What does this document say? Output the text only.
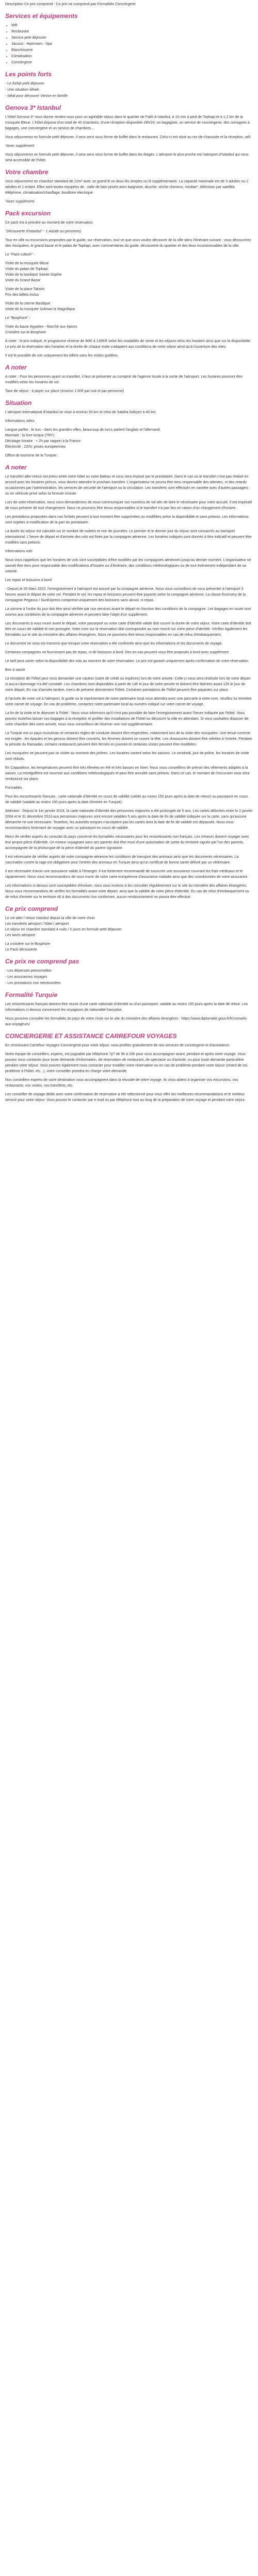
Description Ce prix comprend - Ce prix ne comprend pas Formalités Conciergerie

Services et équipements
• Wifi
• Restaurant
• Service petit déjeuner
• Jacuzzi - Hammam - Spa
• Blanchisserie
• Climatisation
• Conciergerie
Les points forts
- Le forfait petit déjeuner
- Une situation idéale
- Idéal pour découvrir Venise en famille
Genova 3* Istanbul

L'hôtel Genova 3* vous donne rendez-vous pour un agréable séjour dans le quartier de Fatih à Istanbul, à 10 min à pied de Topkapi et à 1,2 km de la mosquée Bleue. L'hôtel dispose d'un total de 40 chambres, d'une réception disponible 24h/24, un bagagiste, un service de conciergerie, des consignes à bagages, une conciergerie et un service de chambres...

Vous séjournerez en formule petit déjeuner, il sera servi sous forme de buffet dans le restaurant. Celui-ci est situé au rez-de-chaussée et la réception, wifi.

*Avec supplément

Vous séjournerez en formule petit déjeuner, il sera servi sous forme de buffet dans les étages. L'aéroport le plus proche est l'aéroport d'Istanbul qui vous sera accessible de l'hôtel.

Votre chambre

Vous séjournerez en chambre standard de 22m² avec un grand lit ou deux lits simples ou lit supplémentaire. La capacité maximale est de 3 adultes ou 2 adultes et 1 enfant. Elles sont toutes équipées de : salle de bain privée avec baignoire, douche, sèche-cheveux, minibar*, télévision par satellite, téléphone, climatisation/chauffage, bouilloire électrique.

*Avec supplément

Pack excursion

Ce pack est à prendre au moment de votre réservation.

"Découverte d'Istanbul" - 1 Adulte ou personne)

Tour en ville ou excursions proposées par le guide, sur réservation, tout ce que vous voulez découvrir de la ville dans l'itinéraire suivant : vous découvrirez des mosquées, le grand bazar et le palais de Topkapi, avec commentaires du guide, découverte du quartier et des lieux incontournables de la ville.

Le "Pack culture" :

Visite de la mosquée Bleue
Visite du palais de Topkapi
Visite de la basilique Sainte-Sophie
Visite du Grand Bazar

Visite de la place Taksim
Prix des billets inclus

Visite de la citerne Basilique
Visite de la mosquée Soliman le Magnifique

Le "Bosphore" :

Visite du bazar égyptien - Marché aux épices
Croisière sur le Bosphore

A noter : le prix indiqué, le programme réserve de 90€/ à 130€/€ selon les modalités de vente et les séjours et/ou les horaires ainsi que sur la disponibilité. Le prix de la réservation des horaires et la durée de chaque visite s'adaptent aux conditions de votre séjour ainsi qu'à l'ouverture des sites.

Il est le possible de voir uniquement les billets sans les visites guidées.

A noter

A noter : Pour les personnes ayant un transfert, il faut se présenter au comptoir de l'agence locale à la sortie de l'aéroport. Les horaires pourront être modifiés selon les horaires de vol.

Taxe de séjour : à payer sur place (environ 1.50€ par nuit et par personne)

Situation

L'aéroport international d'Istanbul se situe à environ 50 km et celui de Sabiha Gökçen à 40 km.

Informations utiles

Langue parlée : le turc - dans les grandes villes, beaucoup de turcs parlent l'anglais et l'allemand.
Monnaie : la livre turque (TRY)
Décalage horaire : + 2h par rapport à la France
Électricité : 220V, prises européennes

Office de tourisme de la Turquie :

A noter

Le transfert aller-retour est prévu entre votre hôtel ou votre bateau et vous sera imposé par le prestataire. Dans le cas où le transfert n'est pas réalisé en accord avec les horaires prévus, vous devrez attendre le prochain transfert. L'organisateur ne pourra être tenu responsable des attentes, ni des retards occasionnés par l'administration, les services de sécurité de l'aéroport ou la circulation. Les transferts sont effectués en navette avec d'autres passagers ou en véhicule privé selon la formule choisie.

Lors de votre réservation, nous vous demanderons de nous communiquer vos numéros de vol afin de faire le nécessaire pour votre accueil. Il est impératif de nous prévenir de tout changement. Nous ne pourrons être tenus responsables si le transfert n'a pas lieu en raison d'un changement d'horaire.

Les prestations proposées dans nos forfaits peuvent à tout moment être supprimées ou modifiées selon la disponibilité et sans préavis. Les informations sont sujettes à modification de la part du prestataire.

La durée du séjour est calculée sur le nombre de nuitées et non de journées. Le premier et le dernier jour du séjour sont consacrés au transport international. L'heure de départ et d'arrivée des vols est fixée par la compagnie aérienne. Les horaires indiqués sont donnés à titre indicatif et peuvent être modifiés sans préavis.

Informations vols

Nous vous rappelons que les horaires de vols sont susceptibles d'être modifiés par les compagnies aériennes jusqu'au dernier moment. L'organisateur ne saurait être tenu pour responsable des modifications d'horaire ou d'itinéraire, des conditions météorologiques ou de tout événement indépendant de sa volonté.

Les repas et boissons à bord

- Depuis le 26 Mars 2022, l'enregistrement à l'aéroport est assuré par la compagnie aérienne. Nous vous conseillons de vous présenter à l'aéroport 3 heures avant le départ de votre vol. Pendant le vol, les repas et boissons peuvent être payants selon la compagnie aérienne. La classe Economy de la compagnie Pegasus / SunExpress comprend uniquement des boissons sans alcool, ni repas.

La somme à l'ordre du jour doit être ainsi vérifiée par nos services avant le départ en fonction des conditions de la compagnie. Les bagages en soute sont soumis aux conditions de la compagnie aérienne et peuvent faire l'objet d'un supplément.

Les documents à vous munir avant le départ, votre passeport ou votre carte d'identité valide doit couvrir la durée de votre séjour. Votre carte d'identité doit être en cours de validité et non prorogée. Votre nom sur la réservation doit correspondre au nom inscrit sur votre pièce d'identité. Vérifiez également les formalités sur le site du ministère des affaires étrangères. Nous ne pourrions être tenus responsables en cas de refus d'embarquement.

Le document ne vous est transmis que lorsque votre réservation a été confirmée ainsi que les informations et les documents de voyage.

Certaines compagnies ne fournissent pas de repas, ni de boissons à bord. Des en-cas peuvent vous être proposés à bord avec supplément.

Le tarif peut varier selon la disponibilité des vols au moment de votre réservation. Le prix est garanti uniquement après confirmation de votre réservation.

Bon à savoir

La réception de l'hôtel peut vous demander une caution (carte de crédit ou espèces) lors de votre arrivée. Celle-ci vous sera restituée lors de votre départ si aucun dommage n'a été constaté. Les chambres sont disponibles à partir de 14h le jour de votre arrivée et doivent être libérées avant 12h le jour de votre départ. En cas d'arrivée tardive, merci de prévenir directement l'hôtel. Certaines prestations de l'hôtel peuvent être payantes sur place.

A l'arrivée de votre vol à l'aéroport, le guide ou le représentant de notre partenaire local vous attendra avec une pancarte à votre nom. Veuillez lui remettre votre carnet de voyage. En cas de problème, contactez notre partenaire local au numéro indiqué sur votre carnet de voyage.

La fin de la visite et le déjeuner à l'hôtel : Nous vous informons qu'il n'est pas possible de faire l'enregistrement avant l'heure indiquée par l'hôtel. Vous pouvez toutefois laisser vos bagages à la réception et profiter des installations de l'hôtel ou découvrir la ville en attendant. Si vous souhaitez disposer de votre chambre dès votre arrivée, nous vous conseillons de réserver une nuit supplémentaire.

La Turquie est un pays musulman et certaines règles de conduite doivent être respectées, notamment lors de la visite des mosquées. Une tenue correcte est exigée : les épaules et les genoux doivent être couverts, les femmes doivent se couvrir la tête. Les chaussures doivent être retirées à l'entrée. Pendant la période du Ramadan, certains restaurants peuvent être fermés en journée et certaines visites peuvent être modifiées.

Les mosquées ne peuvent pas se visiter au moment des prières. Les horaires varient selon les saisons. Le vendredi, jour de prière, les horaires de visite sont réduits.

En Cappadoce, les températures peuvent être très élevées en été et très basses en hiver. Nous vous conseillons de prévoir des vêtements adaptés à la saison. La montgolfière est soumise aux conditions météorologiques et peut être annulée sans préavis. Dans ce cas, le montant de l'excursion vous sera remboursé sur place.

Formalités

Pour les ressortissants français : carte nationale d'identité en cours de validité (valide au moins 150 jours après la date de retour) ou passeport en cours de validité (valable au moins 150 jours après la date d'entrée en Turquie).

Attention : Depuis le 1er janvier 2014, la carte nationale d'identité des personnes majeures a été prolongée de 5 ans. Les cartes délivrées entre le 2 janvier 2004 et le 31 décembre 2013 aux personnes majeures sont encore valables 5 ans après la date de fin de validité indiquée sur la carte, sans qu'aucune démarche ne soit nécessaire. Toutefois, les autorités turques n'acceptent pas les cartes dont la date de fin de validité est dépassée. Nous vous recommandons fortement de voyager avec un passeport en cours de validité.

Merci de vérifier auprès du consulat du pays concerné les formalités nécessaires pour les ressortissants non français. Les mineurs doivent voyager avec leur propre pièce d'identité. Un mineur voyageant sans ses parents doit être muni d'une autorisation de sortie du territoire signée par l'un des parents, accompagnée de la photocopie de la pièce d'identité du parent signataire.

Il est nécessaire de vérifier auprès de votre compagnie aérienne les conditions de transport des animaux ainsi que les documents nécessaires. La vaccination contre la rage est obligatoire pour l'entrée des animaux en Turquie ainsi qu'un certificat de bonne santé délivré par un vétérinaire.

Il est nécessaire d'avoir une assurance valide à l'étranger. Il est fortement recommandé de souscrire une assurance couvrant les frais médicaux et le rapatriement. Nous vous recommandons de vous munir de votre carte européenne d'assurance maladie ainsi que des coordonnées de votre assurance.

Les informations ci-dessus sont susceptibles d'évoluer, nous vous invitons à les consulter régulièrement sur le site du ministère des affaires étrangères. Nous vous recommandons de vérifier les formalités avant votre départ, ainsi que la validité de votre pièce d'identité. En cas de refus d'embarquement ou de refus d'entrée sur le territoire dû à des documents non conformes, aucun remboursement ne pourra être effectué.

Ce prix comprend

Le vol aller / retour Istanbul depuis la ville de votre choix
Les transferts aéroport / hôtel / aéroport
Le séjour en chambre standard 4 nuits / 5 jours en formule petit déjeuner
Les taxes aéroport

La croisière sur le Bosphore
Le Pack découverte

Ce prix ne comprend pas
- Les dépenses personnelles
- Les assurances voyages
- Les prestations non mentionnées
Formalité Turquie

Les ressortissants français doivent être munis d'une carte nationale d'identité ou d'un passeport, valable au moins 150 jours après la date de retour. Les informations ci-dessus concernent les voyageurs de nationalité française.

Nous pouvons consulter les formalités du pays de votre choix sur le site du ministère des affaires étrangères : https://www.diplomatie.gouv.fr/fr/conseils-aux-voyageurs/

CONCIERGERIE ET ASSISTANCE CARREFOUR VOYAGES

En choisissant Carrefour Voyages Conciergerie pour votre séjour, vous profitez gratuitement de nos services de conciergerie et d'assistance.

Notre équipe de conseillers, experts, est joignable par téléphone 7j/7 de 9h à 20h pour vous accompagner avant, pendant et après votre voyage. Vous pouvez nous contacter pour toute demande d'information, de réservation de restaurant, de spectacle ou d'activité, ou pour toute demande particulière pendant votre séjour. Vous pouvez également nous contacter pour modifier votre réservation ou en cas de problème pendant votre séjour (retard de vol, problème à l'hôtel, etc...), votre conseiller prendra en charge votre demande.

Nos conseillers experts de votre destination vous accompagnent dans la réussite de votre voyage. Ils vous aident à organiser vos excursions, vos restaurants, vos visites, vos transferts, etc.

Les conseiller de voyage dédié avec votre confirmation de réservation a été sélectionné pour vous offrir les meilleures recommandations et le meilleur service pour votre séjour. Vous pouvez le contacter par e-mail ou par téléphone tout au long de la préparation de votre voyage et pendant votre séjour.
